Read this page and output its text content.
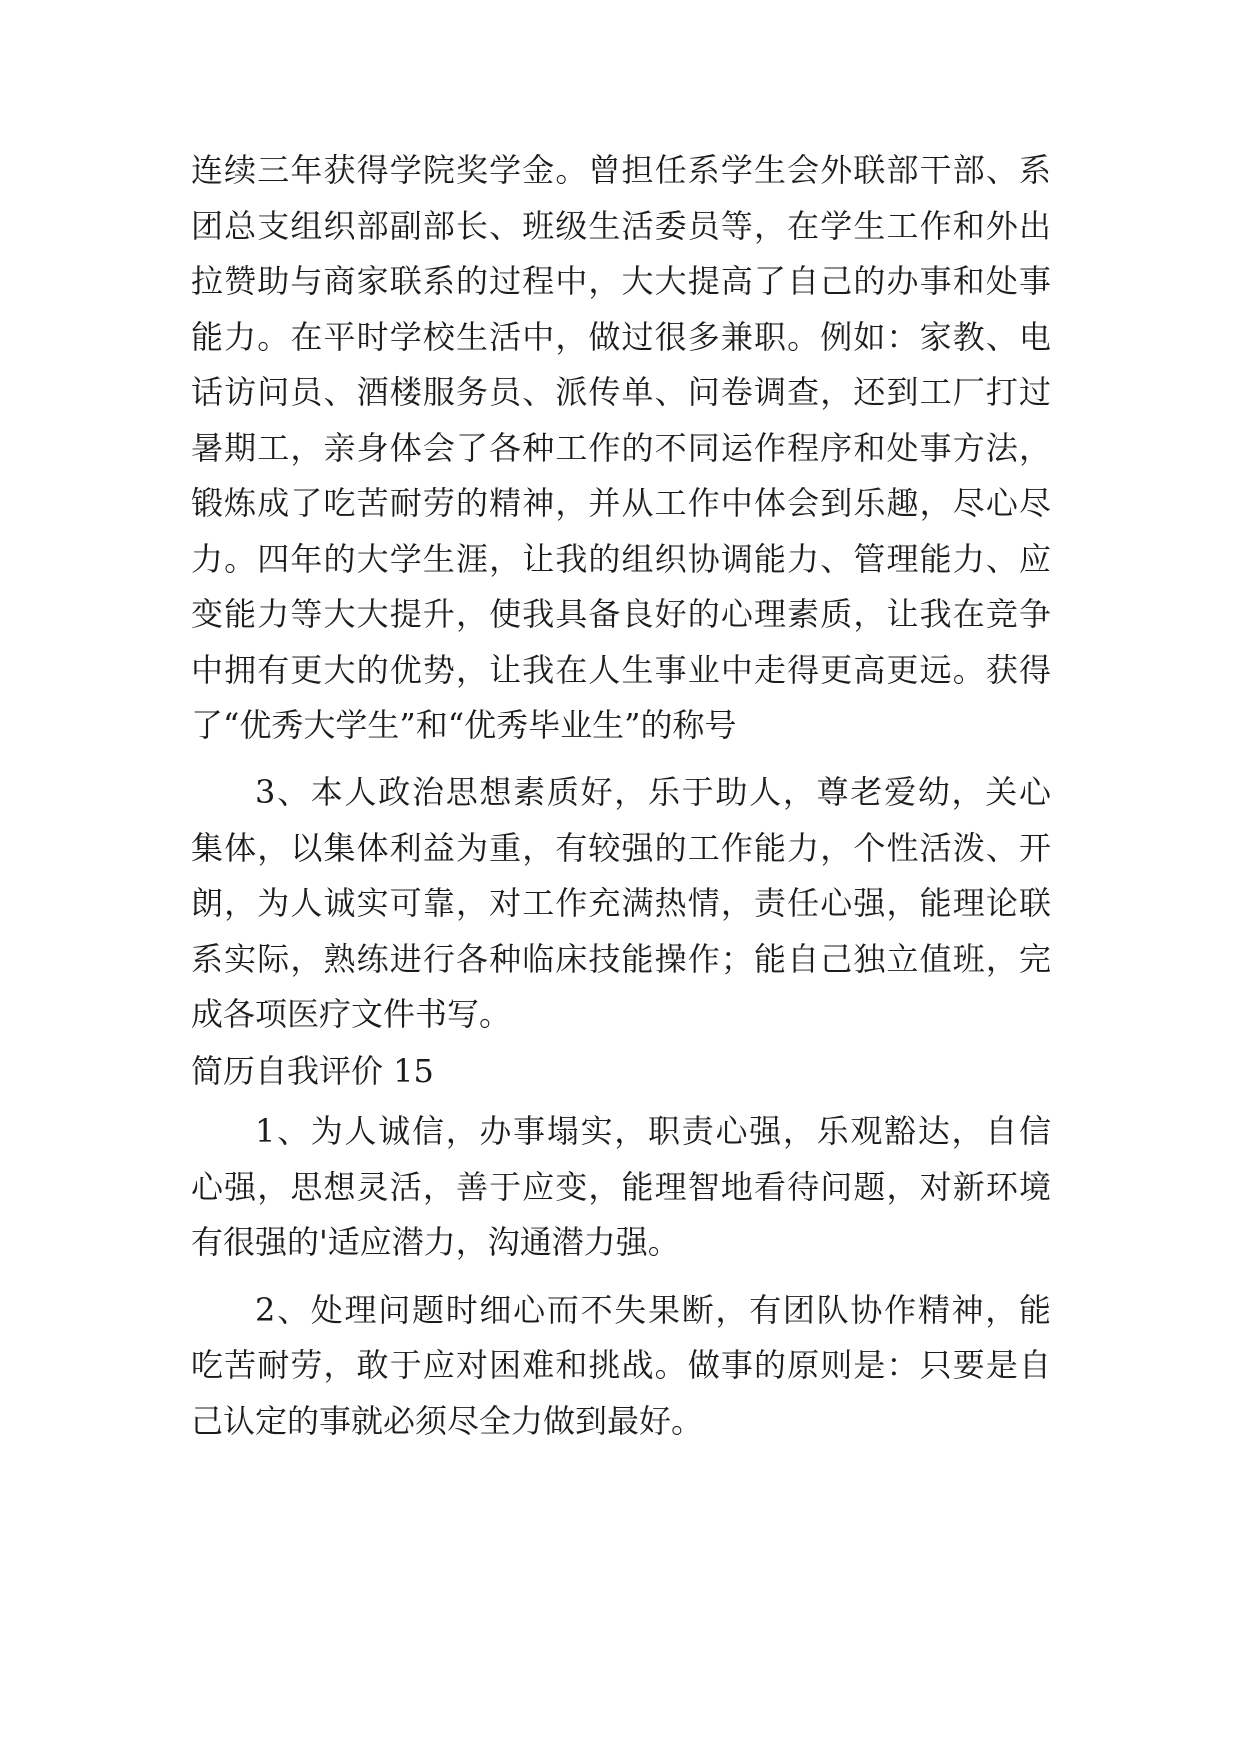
连续三年获得学院奖学金。曾担任系学生会外联部干部、系
团总支组织部副部长、班级生活委员等，在学生工作和外出
拉赞助与商家联系的过程中，大大提高了自己的办事和处事
能力。在平时学校生活中，做过很多兼职。例如：家教、电
话访问员、酒楼服务员、派传单、问卷调查，还到工厂打过
暑期工，亲身体会了各种工作的不同运作程序和处事方法，
锻炼成了吃苦耐劳的精神，并从工作中体会到乐趣，尽心尽
力。四年的大学生涯，让我的组织协调能力、管理能力、应
变能力等大大提升，使我具备良好的心理素质，让我在竞争
中拥有更大的优势，让我在人生事业中走得更高更远。获得
了“优秀大学生”和“优秀毕业生”的称号
3、本人政治思想素质好，乐于助人，尊老爱幼，关心
集体，以集体利益为重，有较强的工作能力，个性活泼、开
朗，为人诚实可靠，对工作充满热情，责任心强，能理论联
系实际，熟练进行各种临床技能操作；能自己独立值班，完
成各项医疗文件书写。
简历自我评价 15
1、为人诚信，办事塌实，职责心强，乐观豁达，自信
心强，思想灵活，善于应变，能理智地看待问题，对新环境
有很强的'适应潜力，沟通潜力强。
2、处理问题时细心而不失果断，有团队协作精神，能
吃苦耐劳，敢于应对困难和挑战。做事的原则是：只要是自
己认定的事就必须尽全力做到最好。
